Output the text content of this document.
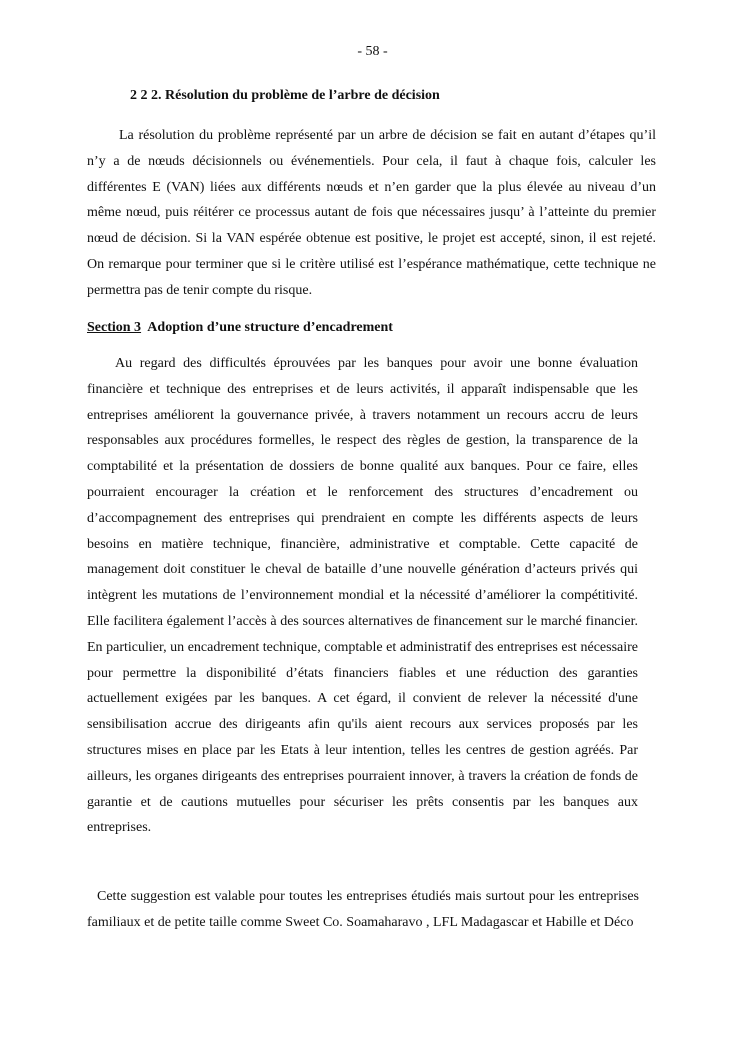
- 58 -
2 2 2. Résolution du problème de l’arbre de décision

La résolution du problème représenté par un arbre de décision se fait en autant d’étapes qu’il n’y a de nœuds décisionnels ou événementiels. Pour cela, il faut à chaque fois, calculer les différentes E (VAN) liées aux différents nœuds et n’en garder que la plus élevée au niveau d’un même nœud, puis réitérer ce processus autant de fois que nécessaires jusqu’ à l’atteinte du premier nœud de décision. Si la VAN espérée obtenue est positive, le projet est accepté, sinon, il est rejeté. On remarque pour terminer que si le critère utilisé est l’espérance mathématique, cette technique ne permettra pas de tenir compte du risque.

Section 3 Adoption d’une structure d’encadrement

Au regard des difficultés éprouvées par les banques pour avoir une bonne évaluation financière et technique des entreprises et de leurs activités, il apparaît indispensable que les entreprises améliorent la gouvernance privée, à travers notamment un recours accru de leurs responsables aux procédures formelles, le respect des règles de gestion, la transparence de la comptabilité et la présentation de dossiers de bonne qualité aux banques. Pour ce faire, elles pourraient encourager la création et le renforcement des structures d’encadrement ou d’accompagnement des entreprises qui prendraient en compte les différents aspects de leurs besoins en matière technique, financière, administrative et comptable. Cette capacité de management doit constituer le cheval de bataille d’une nouvelle génération d’acteurs privés qui intègrent les mutations de l’environnement mondial et la nécessité d’améliorer la compétitivité. Elle facilitera également l’accès à des sources alternatives de financement sur le marché financier. En particulier, un encadrement technique, comptable et administratif des entreprises est nécessaire pour permettre la disponibilité d’états financiers fiables et une réduction des garanties actuellement exigées par les banques. A cet égard, il convient de relever la nécessité d'une sensibilisation accrue des dirigeants afin qu'ils aient recours aux services proposés par les structures mises en place par les Etats à leur intention, telles les centres de gestion agréés. Par ailleurs, les organes dirigeants des entreprises pourraient innover, à travers la création de fonds de garantie et de cautions mutuelles pour sécuriser les prêts consentis par les banques aux entreprises.

Cette suggestion est valable pour toutes les entreprises étudiés mais surtout pour les entreprises familiaux et de petite taille comme Sweet Co. Soamaharavo , LFL Madagascar et Habille et Déco
